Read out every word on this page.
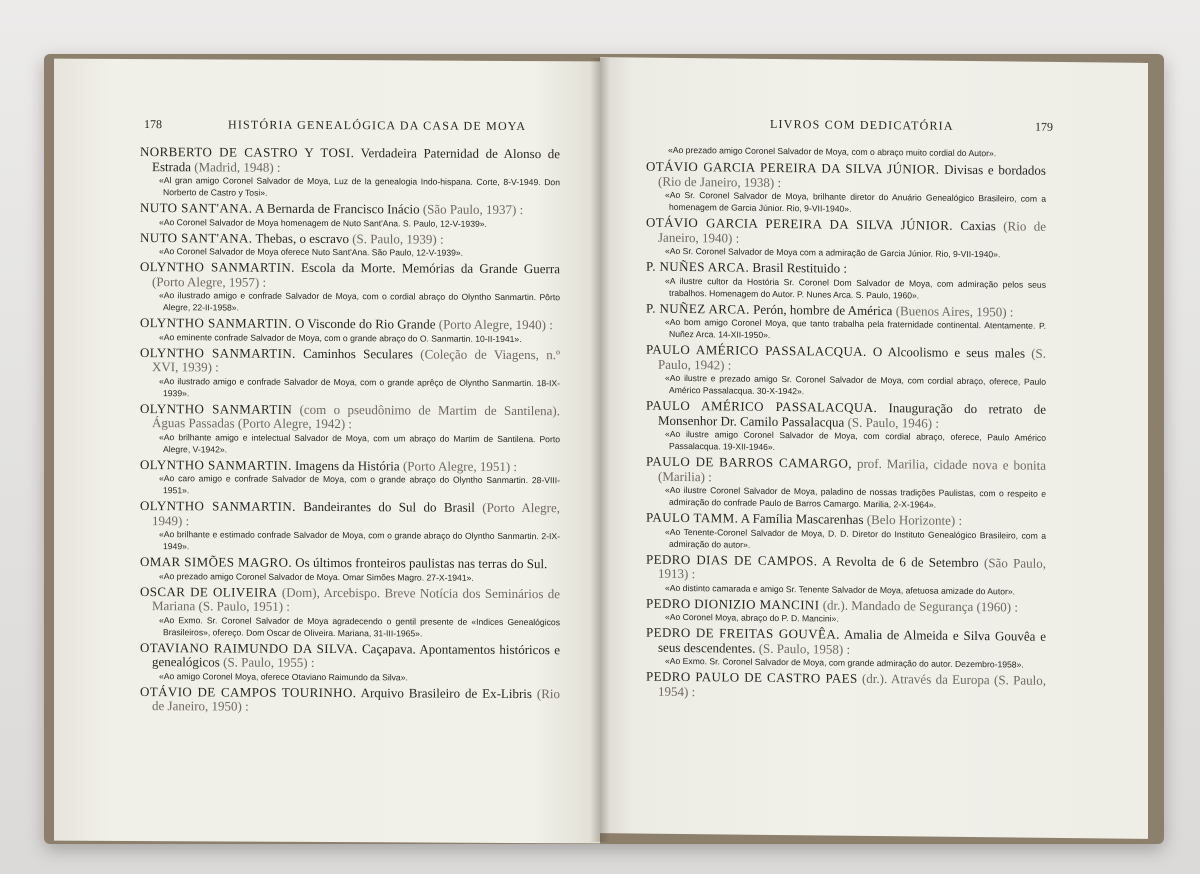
178	HISTÓRIA GENEALÓGICA DA CASA DE MOYA
NORBERTO DE CASTRO Y TOSI. Verdadeira Paternidad de Alonso de Estrada (Madrid, 1948) :
«Al gran amigo Coronel Salvador de Moya, Luz de la genealogia Indo-hispana. Corte, 8-V-1949. Don Norberto de Castro y Tosi».
NUTO SANT'ANA. A Bernarda de Francisco Inácio (São Paulo, 1937) :
«Ao Coronel Salvador de Moya homenagem de Nuto Sant'Ana. S. Paulo, 12-V-1939».
NUTO SANT'ANA. Thebas, o escravo (S. Paulo, 1939) :
«Ao Coronel Salvador de Moya oferece Nuto Sant'Ana. São Paulo, 12-V-1939».
OLYNTHO SANMARTIN. Escola da Morte. Memórias da Grande Guerra (Porto Alegre, 1957) :
«Ao ilustrado amigo e confrade Salvador de Moya, com o cordial abraço do Olyntho Sanmartin. Pôrto Alegre, 22-II-1958».
OLYNTHO SANMARTIN. O Visconde do Rio Grande (Porto Alegre, 1940) :
«Ao eminente confrade Salvador de Moya, com o grande abraço do O. Sanmartin. 10-II-1941».
OLYNTHO SANMARTIN. Caminhos Seculares (Coleção de Viagens, n.º XVI, 1939) :
«Ao ilustrado amigo e confrade Salvador de Moya, com o grande aprêço de Olyntho Sanmartin. 18-IX-1939».
OLYNTHO SANMARTIN (com o pseudônimo de Martim de Santilena). Águas Passadas (Porto Alegre, 1942) :
«Ao brilhante amigo e intelectual Salvador de Moya, com um abraço do Martim de Santilena. Porto Alegre, V-1942».
OLYNTHO SANMARTIN. Imagens da História (Porto Alegre, 1951) :
«Ao caro amigo e confrade Salvador de Moya, com o grande abraço do Olyntho Sanmartin. 28-VIII-1951».
OLYNTHO SANMARTIN. Bandeirantes do Sul do Brasil (Porto Alegre, 1949) :
«Ao brilhante e estimado confrade Salvador de Moya, com o grande abraço do Olyntho Sanmartin. 2-IX-1949».
OMAR SIMÕES MAGRO. Os últimos fronteiros paulistas nas terras do Sul.
«Ao prezado amigo Coronel Salvador de Moya. Omar Simões Magro. 27-X-1941».
OSCAR DE OLIVEIRA (Dom), Arcebispo. Breve Notícia dos Seminários de Mariana (S. Paulo, 1951) :
«Ao Exmo. Sr. Coronel Salvador de Moya agradecendo o gentil presente de «Indices Genealógicos Brasileiros», ofereço. Dom Oscar de Oliveira. Mariana, 31-III-1965».
OTAVIANO RAIMUNDO DA SILVA. Caçapava. Apontamentos históricos e genealógicos (S. Paulo, 1955) :
«Ao amigo Coronel Moya, oferece Otaviano Raimundo da Silva».
OTÁVIO DE CAMPOS TOURINHO. Arquivo Brasileiro de Ex-Libris (Rio de Janeiro, 1950) :
LIVROS COM DEDICATÓRIA	179
«Ao prezado amigo Coronel Salvador de Moya, com o abraço muito cordial do Autor».
OTÁVIO GARCIA PEREIRA DA SILVA JÚNIOR. Divisas e bordados (Rio de Janeiro, 1938) :
«Ao Sr. Coronel Salvador de Moya, brilhante diretor do Anuário Genealógico Brasileiro, com a homenagem de Garcia Júnior. Rio, 9-VII-1940».
OTÁVIO GARCIA PEREIRA DA SILVA JÚNIOR. Caxias (Rio de Janeiro, 1940) :
«Ao Sr. Coronel Salvador de Moya com a admiração de Garcia Júnior. Rio, 9-VII-1940».
P. NUÑES ARCA. Brasil Restituido :
«A ilustre cultor da Hostória Sr. Coronel Dom Salvador de Moya, com admiração pelos seus trabalhos. Homenagem do Autor. P. Nunes Arca. S. Paulo, 1960».
P. NUÑEZ ARCA. Perón, hombre de América (Buenos Aires, 1950) :
«Ao bom amigo Coronel Moya, que tanto trabalha pela fraternidade continental. Atentamente. P. Nuñez Arca. 14-XII-1950».
PAULO AMÉRICO PASSALACQUA. O Alcoolismo e seus males (S. Paulo, 1942) :
«Ao ilustre e prezado amigo Sr. Coronel Salvador de Moya, com cordial abraço, oferece, Paulo Américo Passalacqua. 30-X-1942».
PAULO AMÉRICO PASSALACQUA. Inauguração do retrato de Monsenhor Dr. Camilo Passalacqua (S. Paulo, 1946) :
«Ao ilustre amigo Coronel Salvador de Moya, com cordial abraço, oferece, Paulo Américo Passalacqua. 19-XII-1946».
PAULO DE BARROS CAMARGO, prof. Marilia, cidade nova e bonita (Marilia) :
«Ao ilustre Coronel Salvador de Moya, paladino de nossas tradições Paulistas, com o respeito e admiração do confrade Paulo de Barros Camargo. Marilia, 2-X-1964».
PAULO TAMM. A Família Mascarenhas (Belo Horizonte) :
«Ao Tenente-Coronel Salvador de Moya, D. D. Diretor do Instituto Genealógico Brasileiro, com a admiração do autor».
PEDRO DIAS DE CAMPOS. A Revolta de 6 de Setembro (São Paulo, 1913) :
«Ao distinto camarada e amigo Sr. Tenente Salvador de Moya, afetuosa amizade do Autor».
PEDRO DIONIZIO MANCINI (dr.). Mandado de Segurança (1960) :
«Ao Coronel Moya, abraço do P. D. Mancini».
PEDRO DE FREITAS GOUVÊA. Amalia de Almeida e Silva Gouvêa e seus descendentes. (S. Paulo, 1958) :
«Ao Exmo. Sr. Coronel Salvador de Moya, com grande admiração do autor. Dezembro-1958».
PEDRO PAULO DE CASTRO PAES (dr.). Através da Europa (S. Paulo, 1954) :
